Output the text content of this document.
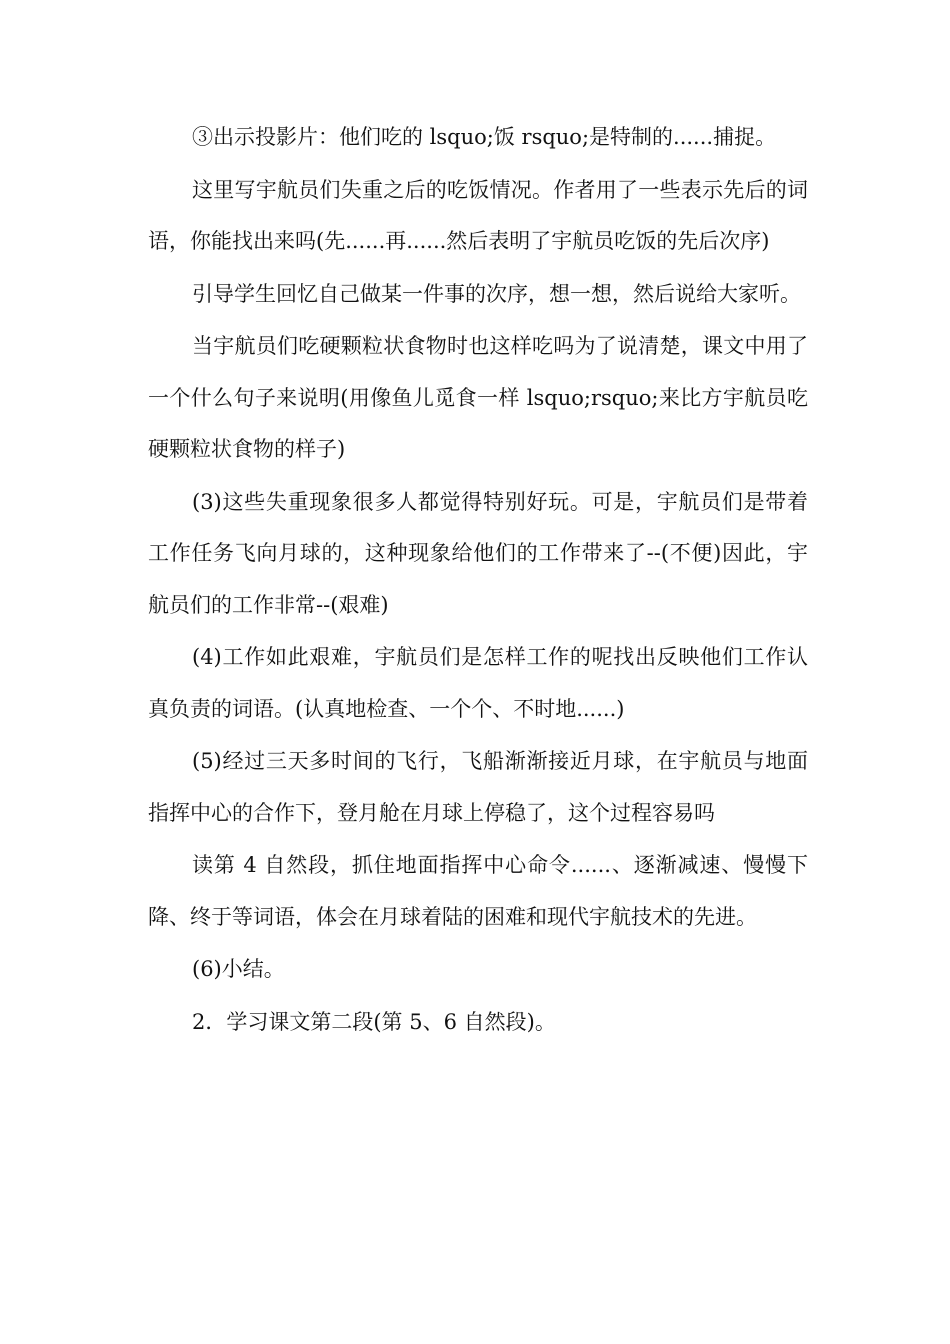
③出示投影片：他们吃的 lsquo;饭 rsquo;是特制的......捕捉。

这里写宇航员们失重之后的吃饭情况。作者用了一些表示先后的词语，你能找出来吗(先......再......然后表明了宇航员吃饭的先后次序)

引导学生回忆自己做某一件事的次序，想一想，然后说给大家听。

当宇航员们吃硬颗粒状食物时也这样吃吗为了说清楚，课文中用了一个什么句子来说明(用像鱼儿觅食一样 lsquo;rsquo;来比方宇航员吃硬颗粒状食物的样子)

(3)这些失重现象很多人都觉得特别好玩。可是，宇航员们是带着工作任务飞向月球的，这种现象给他们的工作带来了--(不便)因此，宇航员们的工作非常--(艰难)

(4)工作如此艰难，宇航员们是怎样工作的呢找出反映他们工作认真负责的词语。(认真地检查、一个个、不时地......)

(5)经过三天多时间的飞行，飞船渐渐接近月球，在宇航员与地面指挥中心的合作下，登月舱在月球上停稳了，这个过程容易吗

读第 4 自然段，抓住地面指挥中心命令......、逐渐减速、慢慢下降、终于等词语，体会在月球着陆的困难和现代宇航技术的先进。

(6)小结。

2．学习课文第二段(第 5、6 自然段)。
